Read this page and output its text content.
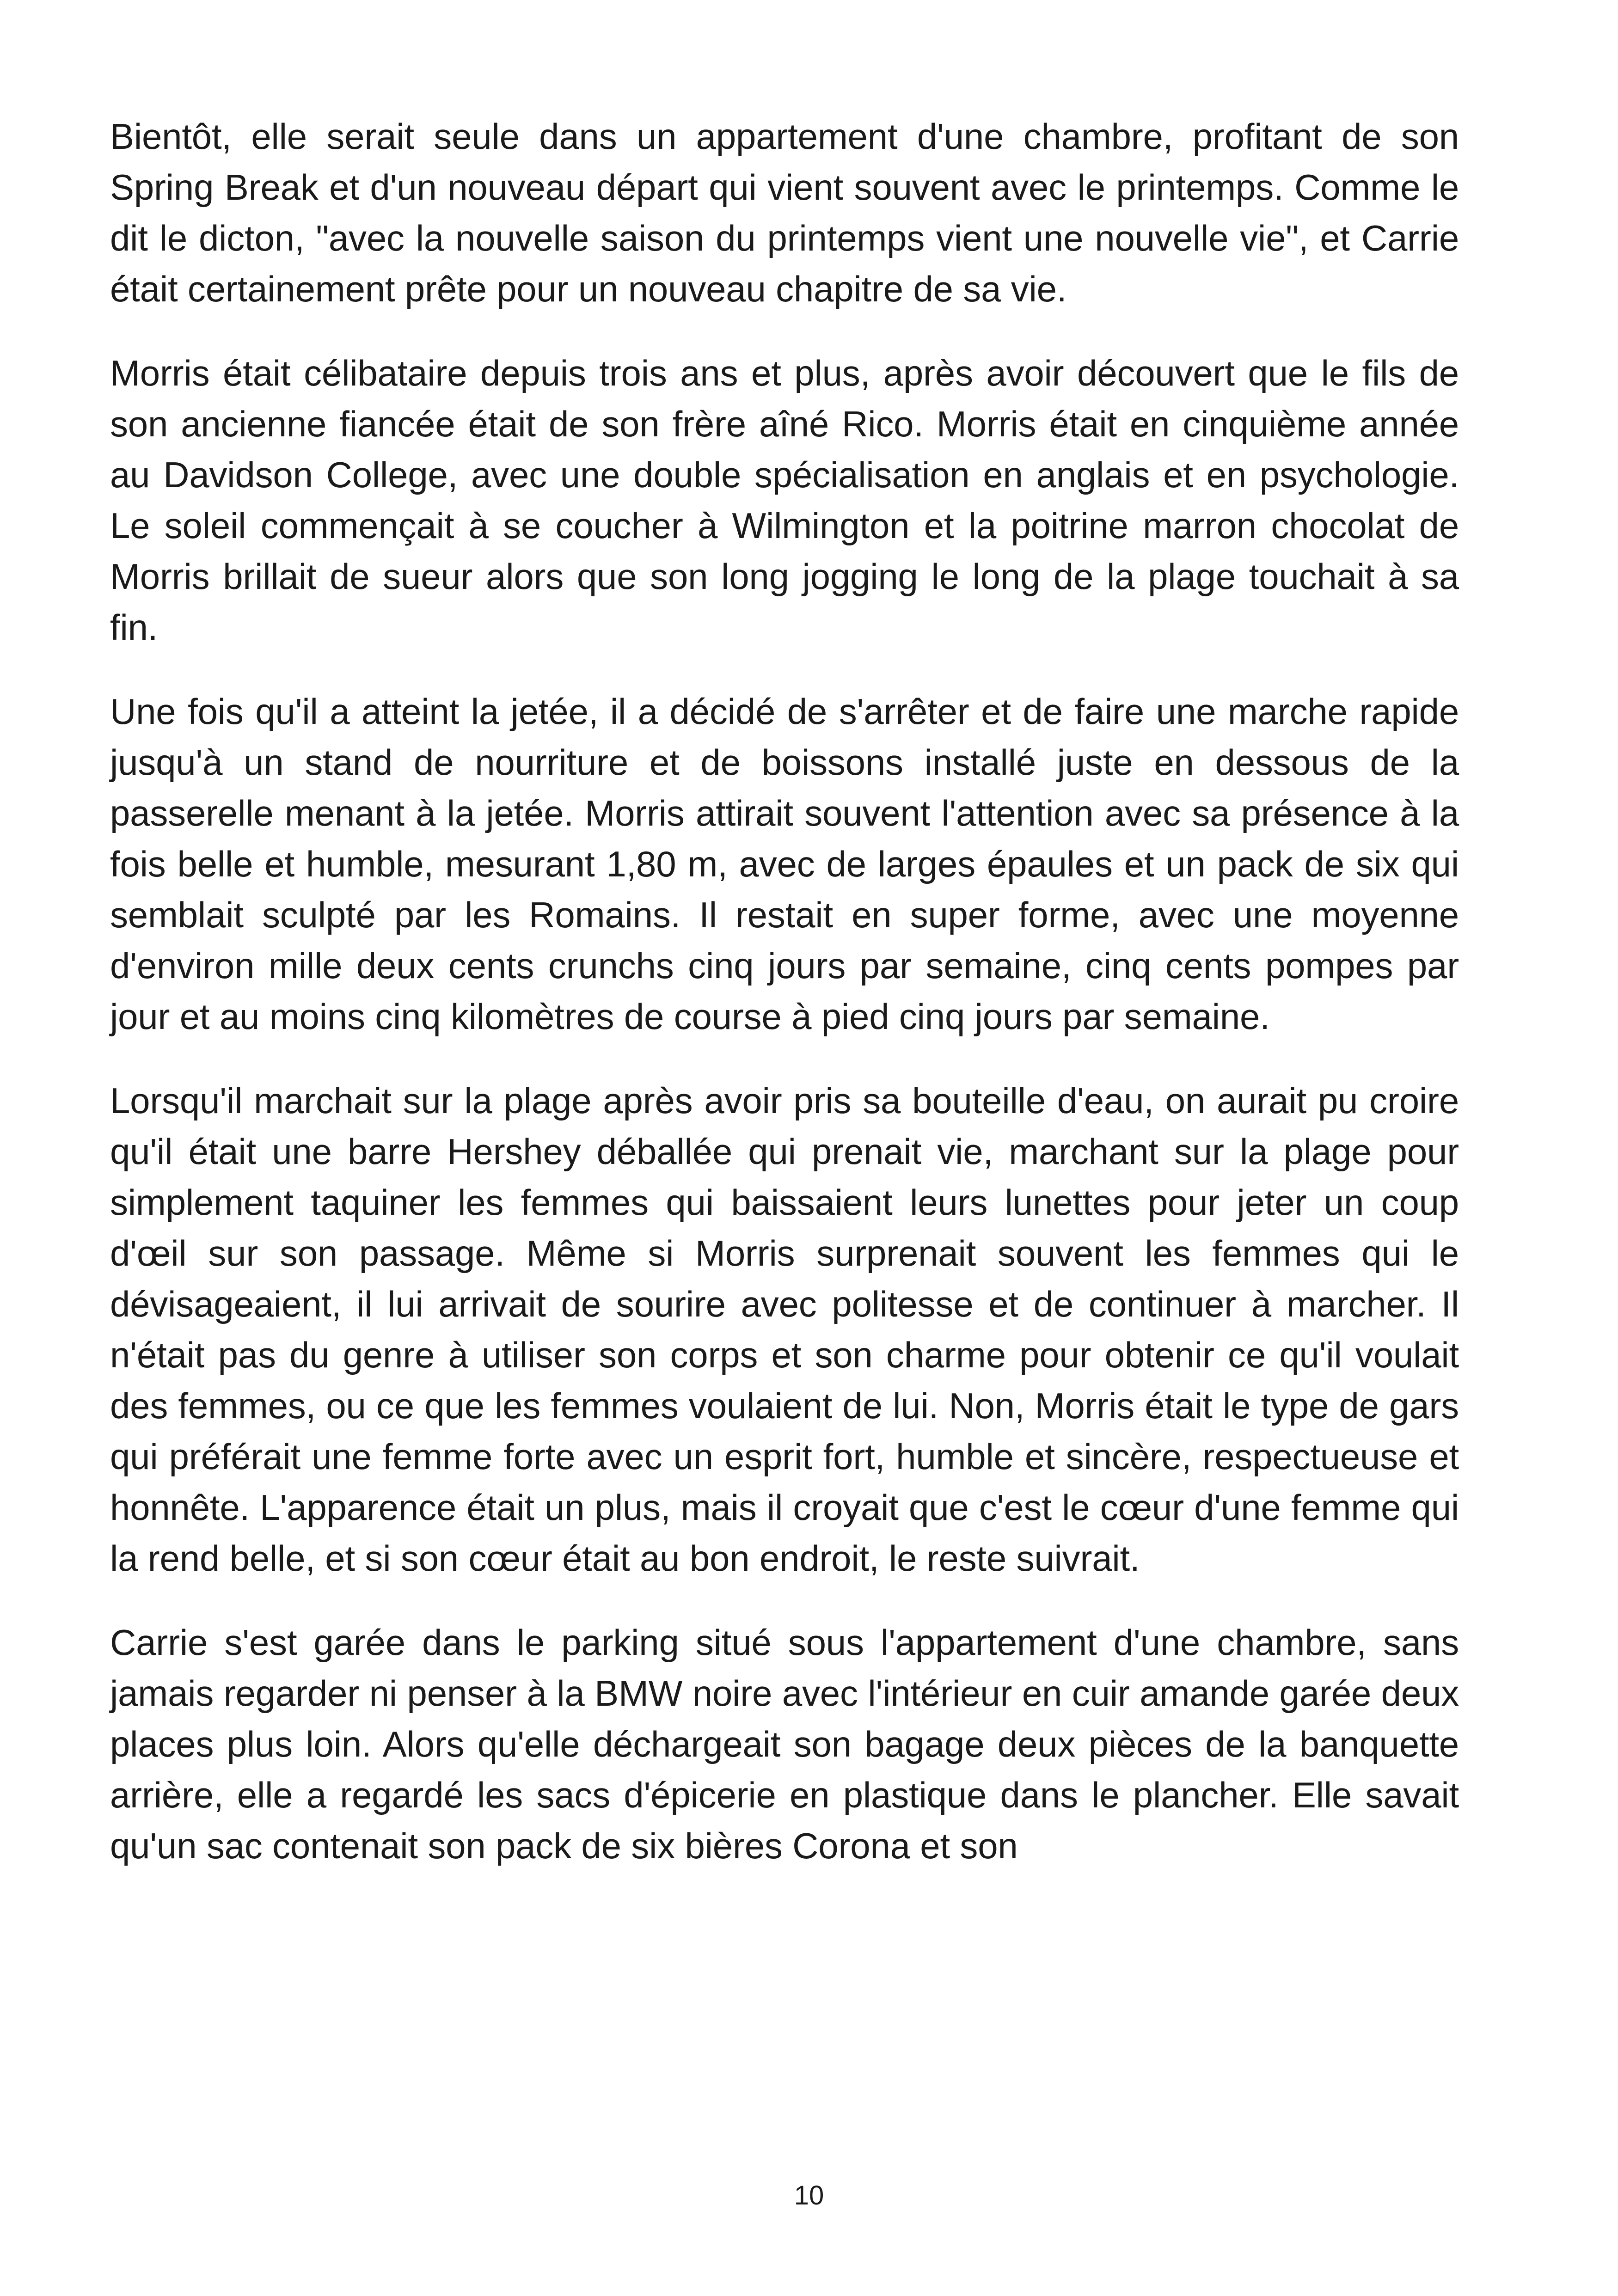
Bientôt, elle serait seule dans un appartement d'une chambre, profitant de son Spring Break et d'un nouveau départ qui vient souvent avec le printemps. Comme le dit le dicton, "avec la nouvelle saison du printemps vient une nouvelle vie", et Carrie était certainement prête pour un nouveau chapitre de sa vie.

Morris était célibataire depuis trois ans et plus, après avoir découvert que le fils de son ancienne fiancée était de son frère aîné Rico. Morris était en cinquième année au Davidson College, avec une double spécialisation en anglais et en psychologie. Le soleil commençait à se coucher à Wilmington et la poitrine marron chocolat de Morris brillait de sueur alors que son long jogging le long de la plage touchait à sa fin.

Une fois qu'il a atteint la jetée, il a décidé de s'arrêter et de faire une marche rapide jusqu'à un stand de nourriture et de boissons installé juste en dessous de la passerelle menant à la jetée. Morris attirait souvent l'attention avec sa présence à la fois belle et humble, mesurant 1,80 m, avec de larges épaules et un pack de six qui semblait sculpté par les Romains. Il restait en super forme, avec une moyenne d'environ mille deux cents crunchs cinq jours par semaine, cinq cents pompes par jour et au moins cinq kilomètres de course à pied cinq jours par semaine.

Lorsqu'il marchait sur la plage après avoir pris sa bouteille d'eau, on aurait pu croire qu'il était une barre Hershey déballée qui prenait vie, marchant sur la plage pour simplement taquiner les femmes qui baissaient leurs lunettes pour jeter un coup d'œil sur son passage. Même si Morris surprenait souvent les femmes qui le dévisageaient, il lui arrivait de sourire avec politesse et de continuer à marcher. Il n'était pas du genre à utiliser son corps et son charme pour obtenir ce qu'il voulait des femmes, ou ce que les femmes voulaient de lui. Non, Morris était le type de gars qui préférait une femme forte avec un esprit fort, humble et sincère, respectueuse et honnête. L'apparence était un plus, mais il croyait que c'est le cœur d'une femme qui la rend belle, et si son cœur était au bon endroit, le reste suivrait.

Carrie s'est garée dans le parking situé sous l'appartement d'une chambre, sans jamais regarder ni penser à la BMW noire avec l'intérieur en cuir amande garée deux places plus loin. Alors qu'elle déchargeait son bagage deux pièces de la banquette arrière, elle a regardé les sacs d'épicerie en plastique dans le plancher. Elle savait qu'un sac contenait son pack de six bières Corona et son

10
